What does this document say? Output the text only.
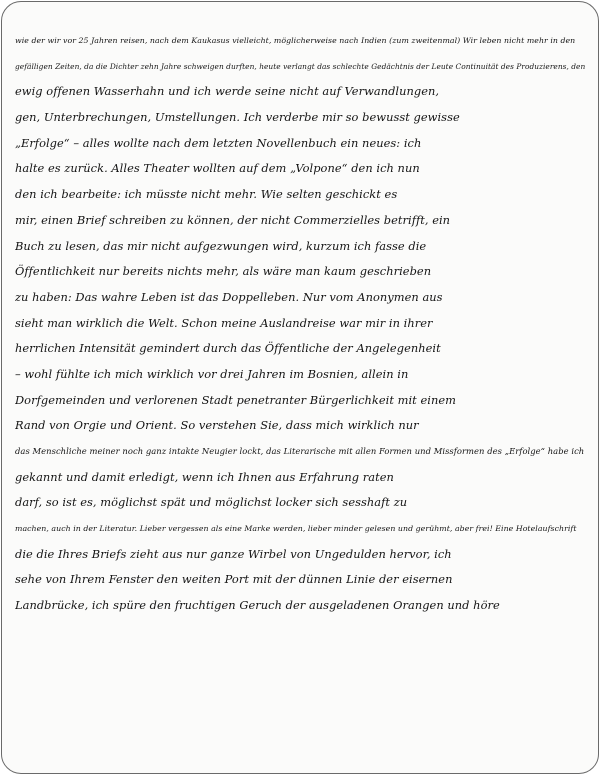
wie der wir vor 25 Jahren reisen, nach dem Kaukasus vielleicht, möglicherweise nach Indien (zum zweitenmal) Wir leben nicht mehr in den
gefälligen Zeiten, da die Dichter zehn Jahre schweigen durften, heute verlangt das schlechte Gedächtnis der Leute Continuität des Produzierens, den
ewig offenen Wasserhahn und ich werde seine nicht auf Verwandlungen,
gen, Unterbrechungen, Umstellungen. Ich verderbe mir so bewusst gewisse
„Erfolge“ – alles wollte nach dem letzten Novellenbuch ein neues: ich
halte es zurück. Alles Theater wollten auf dem „Volpone“ den ich nun
den ich bearbeite: ich müsste nicht mehr. Wie selten geschickt es
mir, einen Brief schreiben zu können, der nicht Commerzielles betrifft, ein
Buch zu lesen, das mir nicht aufgezwungen wird, kurzum ich fasse die
Öffentlichkeit nur bereits nichts mehr, als wäre man kaum geschrieben
zu haben: Das wahre Leben ist das Doppelleben. Nur vom Anonymen aus
sieht man wirklich die Welt. Schon meine Auslandreise war mir in ihrer
herrlichen Intensität gemindert durch das Öffentliche der Angelegenheit
– wohl fühlte ich mich wirklich vor drei Jahren im Bosnien, allein in
Dorfgemeinden und verlorenen Stadt penetranter Bürgerlichkeit mit einem
Rand von Orgie und Orient. So verstehen Sie, dass mich wirklich nur
das Menschliche meiner noch ganz intakte Neugier lockt, das Literarische mit allen Formen und Missformen des „Erfolge“ habe ich
gekannt und damit erledigt, wenn ich Ihnen aus Erfahrung raten
darf, so ist es, möglichst spät und möglichst locker sich sesshaft zu
machen, auch in der Literatur. Lieber vergessen als eine Marke werden, lieber minder gelesen und gerühmt, aber frei! Eine Hotelaufschrift
die die Ihres Briefs zieht aus nur ganze Wirbel von Ungedulden hervor, ich
sehe von Ihrem Fenster den weiten Port mit der dünnen Linie der eisernen
Landbrücke, ich spüre den fruchtigen Geruch der ausgeladenen Orangen und höre
